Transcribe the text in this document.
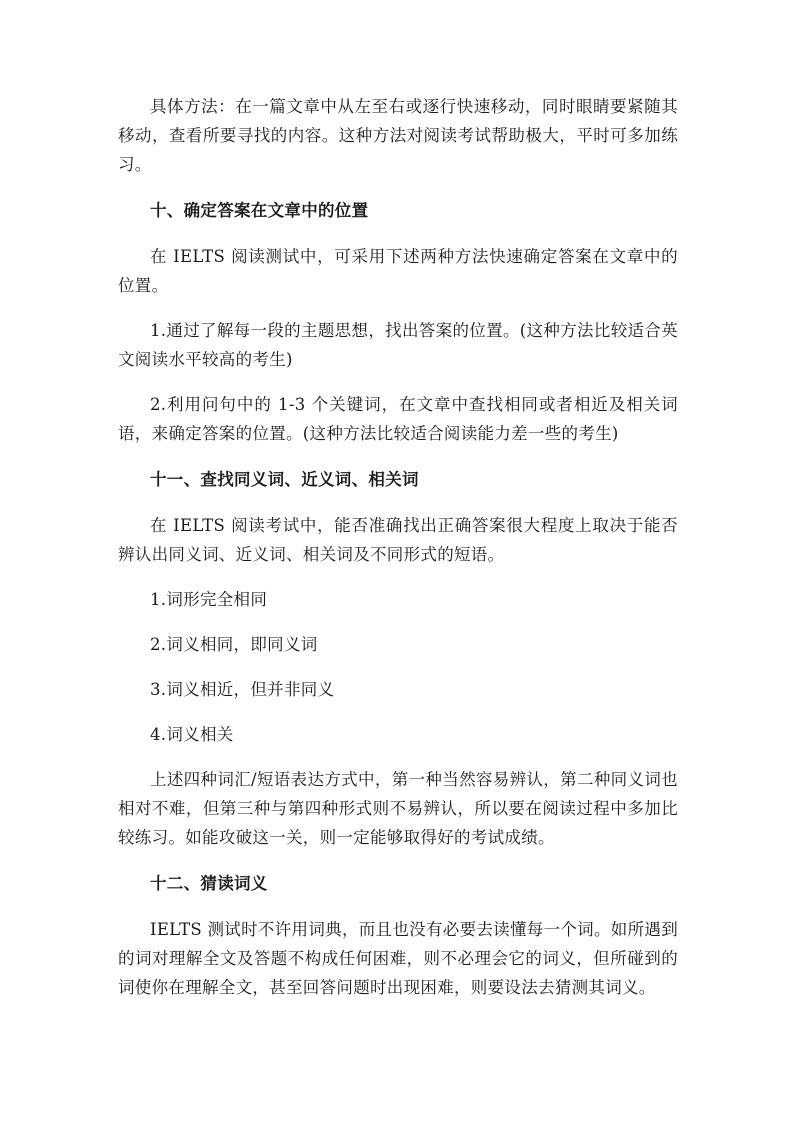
具体方法：在一篇文章中从左至右或逐行快速移动，同时眼睛要紧随其移动，查看所要寻找的内容。这种方法对阅读考试帮助极大，平时可多加练习。

十、确定答案在文章中的位置

在 IELTS 阅读测试中，可采用下述两种方法快速确定答案在文章中的位置。

1.通过了解每一段的主题思想，找出答案的位置。(这种方法比较适合英文阅读水平较高的考生)

2.利用问句中的 1-3 个关键词，在文章中查找相同或者相近及相关词语，来确定答案的位置。(这种方法比较适合阅读能力差一些的考生)

十一、查找同义词、近义词、相关词

在 IELTS 阅读考试中，能否准确找出正确答案很大程度上取决于能否辨认出同义词、近义词、相关词及不同形式的短语。

1.词形完全相同

2.词义相同，即同义词

3.词义相近，但并非同义

4.词义相关

上述四种词汇/短语表达方式中，第一种当然容易辨认，第二种同义词也相对不难，但第三种与第四种形式则不易辨认，所以要在阅读过程中多加比较练习。如能攻破这一关，则一定能够取得好的考试成绩。

十二、猜读词义

IELTS 测试时不许用词典，而且也没有必要去读懂每一个词。如所遇到的词对理解全文及答题不构成任何困难，则不必理会它的词义，但所碰到的词使你在理解全文，甚至回答问题时出现困难，则要设法去猜测其词义。
